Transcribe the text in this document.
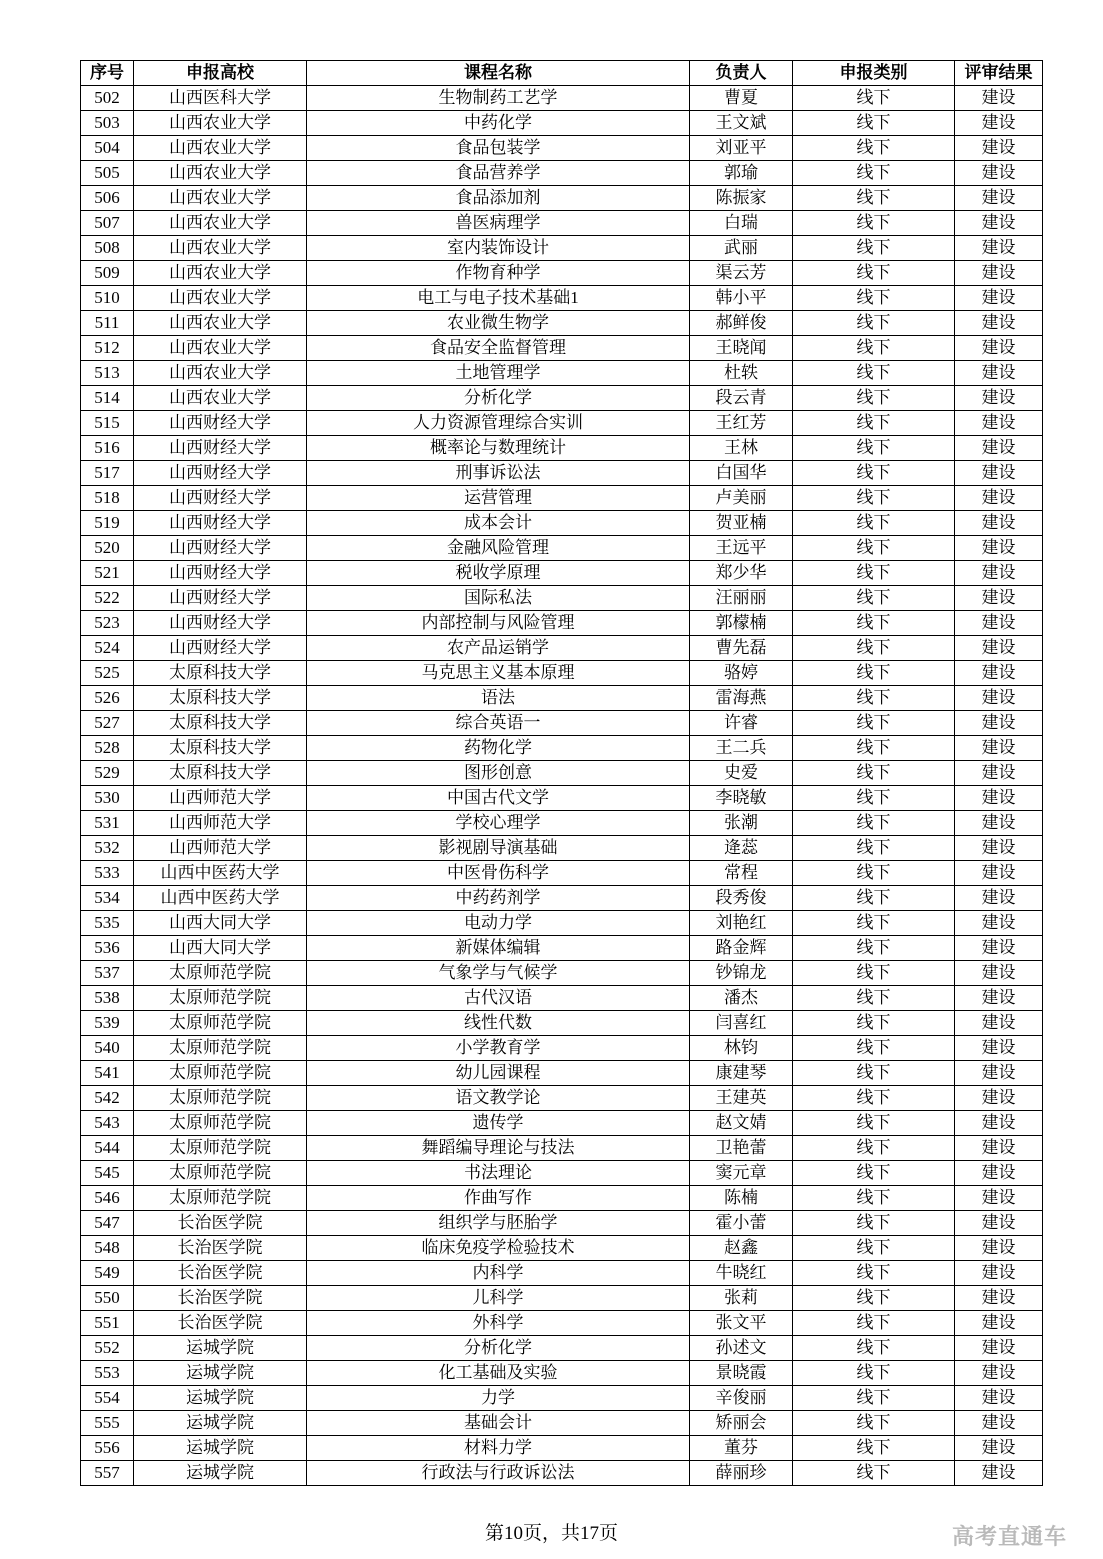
序号	申报高校	课程名称	负责人	申报类别	评审结果
502	山西医科大学	生物制药工艺学	曹夏	线下	建设
503	山西农业大学	中药化学	王文斌	线下	建设
504	山西农业大学	食品包装学	刘亚平	线下	建设
505	山西农业大学	食品营养学	郭瑜	线下	建设
506	山西农业大学	食品添加剂	陈振家	线下	建设
507	山西农业大学	兽医病理学	白瑞	线下	建设
508	山西农业大学	室内装饰设计	武丽	线下	建设
509	山西农业大学	作物育种学	渠云芳	线下	建设
510	山西农业大学	电工与电子技术基础1	韩小平	线下	建设
511	山西农业大学	农业微生物学	郝鲜俊	线下	建设
512	山西农业大学	食品安全监督管理	王晓闻	线下	建设
513	山西农业大学	土地管理学	杜轶	线下	建设
514	山西农业大学	分析化学	段云青	线下	建设
515	山西财经大学	人力资源管理综合实训	王红芳	线下	建设
516	山西财经大学	概率论与数理统计	王林	线下	建设
517	山西财经大学	刑事诉讼法	白国华	线下	建设
518	山西财经大学	运营管理	卢美丽	线下	建设
519	山西财经大学	成本会计	贺亚楠	线下	建设
520	山西财经大学	金融风险管理	王远平	线下	建设
521	山西财经大学	税收学原理	郑少华	线下	建设
522	山西财经大学	国际私法	汪丽丽	线下	建设
523	山西财经大学	内部控制与风险管理	郭檬楠	线下	建设
524	山西财经大学	农产品运销学	曹先磊	线下	建设
525	太原科技大学	马克思主义基本原理	骆婷	线下	建设
526	太原科技大学	语法	雷海燕	线下	建设
527	太原科技大学	综合英语一	许睿	线下	建设
528	太原科技大学	药物化学	王二兵	线下	建设
529	太原科技大学	图形创意	史爱	线下	建设
530	山西师范大学	中国古代文学	李晓敏	线下	建设
531	山西师范大学	学校心理学	张潮	线下	建设
532	山西师范大学	影视剧导演基础	逄蕊	线下	建设
533	山西中医药大学	中医骨伤科学	常程	线下	建设
534	山西中医药大学	中药药剂学	段秀俊	线下	建设
535	山西大同大学	电动力学	刘艳红	线下	建设
536	山西大同大学	新媒体编辑	路金辉	线下	建设
537	太原师范学院	气象学与气候学	钞锦龙	线下	建设
538	太原师范学院	古代汉语	潘杰	线下	建设
539	太原师范学院	线性代数	闫喜红	线下	建设
540	太原师范学院	小学教育学	林钧	线下	建设
541	太原师范学院	幼儿园课程	康建琴	线下	建设
542	太原师范学院	语文教学论	王建英	线下	建设
543	太原师范学院	遗传学	赵文婧	线下	建设
544	太原师范学院	舞蹈编导理论与技法	卫艳蕾	线下	建设
545	太原师范学院	书法理论	窦元章	线下	建设
546	太原师范学院	作曲写作	陈楠	线下	建设
547	长治医学院	组织学与胚胎学	霍小蕾	线下	建设
548	长治医学院	临床免疫学检验技术	赵鑫	线下	建设
549	长治医学院	内科学	牛晓红	线下	建设
550	长治医学院	儿科学	张莉	线下	建设
551	长治医学院	外科学	张文平	线下	建设
552	运城学院	分析化学	孙述文	线下	建设
553	运城学院	化工基础及实验	景晓霞	线下	建设
554	运城学院	力学	辛俊丽	线下	建设
555	运城学院	基础会计	矫丽会	线下	建设
556	运城学院	材料力学	董芬	线下	建设
557	运城学院	行政法与行政诉讼法	薛丽珍	线下	建设
第10页，共17页	高考直通车
